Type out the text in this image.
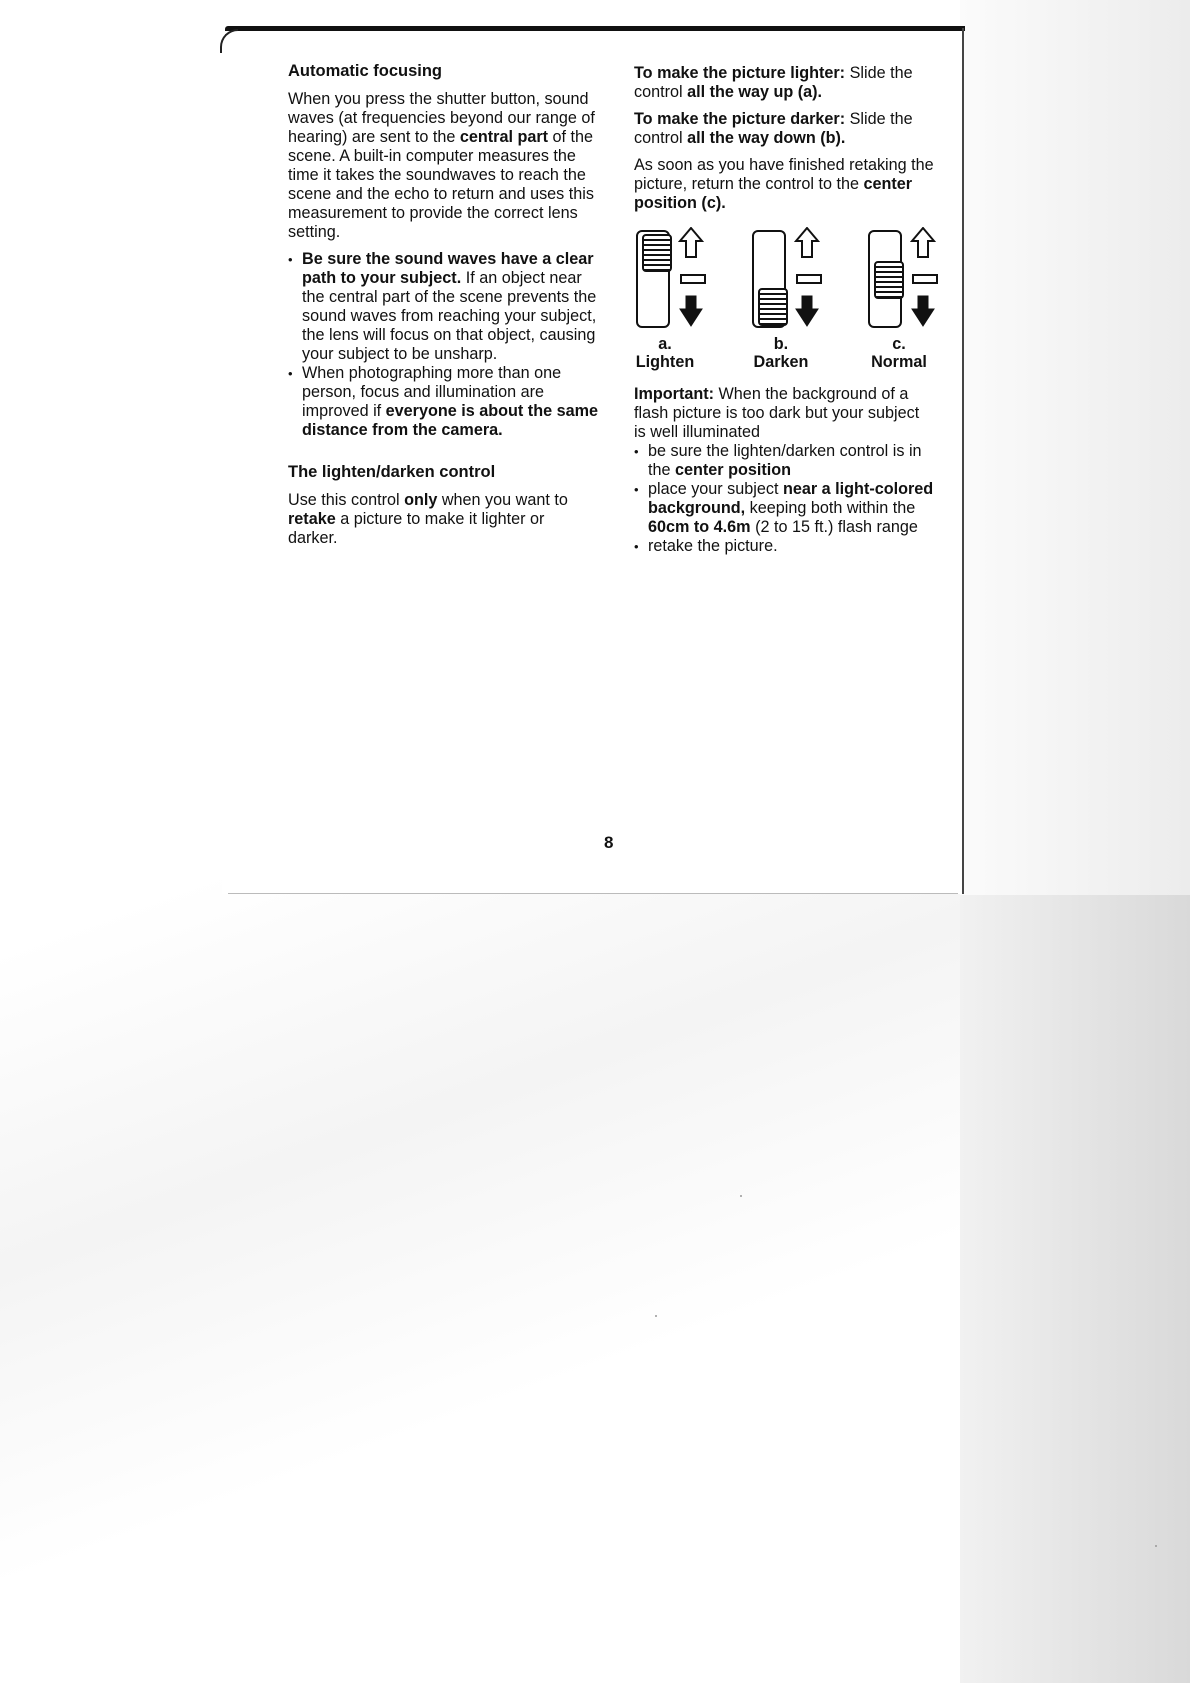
Automatic focusing

When you press the shutter button, sound waves (at frequencies beyond our range of hearing) are sent to the central part of the scene. A built-in computer measures the time it takes the soundwaves to reach the scene and the echo to return and uses this measurement to provide the correct lens setting.

• Be sure the sound waves have a clear path to your subject. If an object near the central part of the scene prevents the sound waves from reaching your subject, the lens will focus on that object, causing your subject to be unsharp.
• When photographing more than one person, focus and illumination are improved if everyone is about the same distance from the camera.
The lighten/darken control

Use this control only when you want to retake a picture to make it lighter or darker.

To make the picture lighter: Slide the control all the way up (a).

To make the picture darker: Slide the control all the way down (b).

As soon as you have finished retaking the picture, return the control to the center position (c).

a.
Lighten
b.
Darken
c.
Normal

Important: When the background of a flash picture is too dark but your subject is well illuminated

• be sure the lighten/darken control is in the center position
• place your subject near a light-colored background, keeping both within the 60cm to 4.6m (2 to 15 ft.) flash range
• retake the picture.
8
